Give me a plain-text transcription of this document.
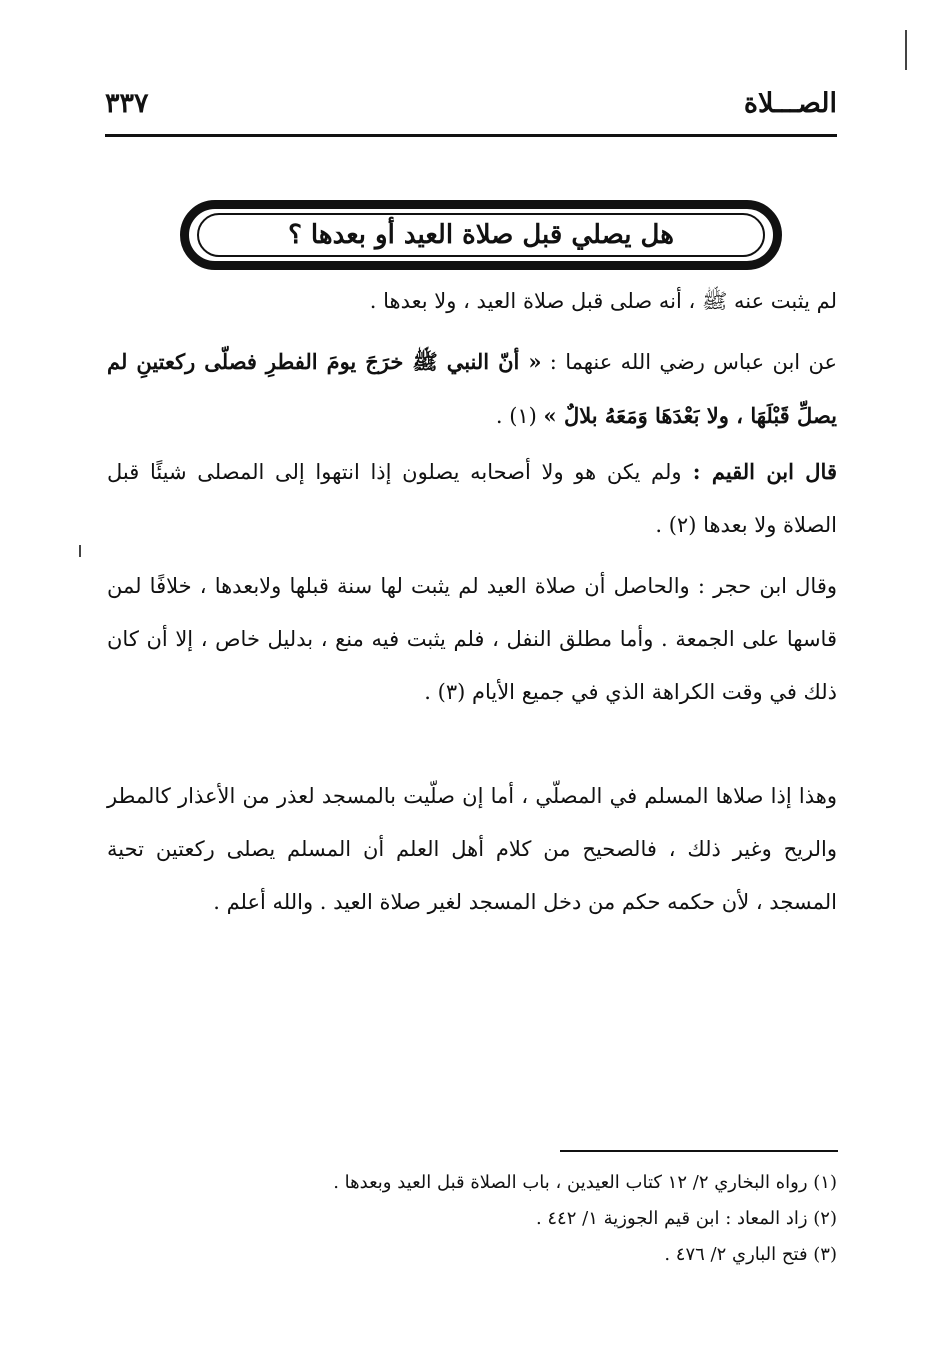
الصـــلاة
٣٣٧
هل يصلي قبل صلاة العيد أو بعدها ؟
لم يثبت عنه ﷺ ، أنه صلى قبل صلاة العيد ، ولا بعدها .
عن ابن عباس رضي الله عنهما : « أنّ النبي ﷺ خرَجَ يومَ الفطرِ فصلّى ركعتينِ لم يصلِّ قَبْلَهَا ، ولا بَعْدَهَا وَمَعَهُ بلالٌ » (١) .
قال ابن القيم : ولم يكن هو ولا أصحابه يصلون إذا انتهوا إلى المصلى شيئًا قبل الصلاة ولا بعدها (٢) .
وقال ابن حجر : والحاصل أن صلاة العيد لم يثبت لها سنة قبلها ولابعدها ، خلافًا لمن قاسها على الجمعة . وأما مطلق النفل ، فلم يثبت فيه منع ، بدليل خاص ، إلا أن كان ذلك في وقت الكراهة الذي في جميع الأيام (٣) .
وهذا إذا صلاها المسلم في المصلّي ، أما إن صلّيت بالمسجد لعذر من الأعذار كالمطر والريح وغير ذلك ، فالصحيح من كلام أهل العلم أن المسلم يصلى ركعتين تحية المسجد ، لأن حكمه حكم من دخل المسجد لغير صلاة العيد . والله أعلم .
(١) رواه البخاري ٢/ ١٢ كتاب العيدين ، باب الصلاة قبل العيد وبعدها .
(٢) زاد المعاد : ابن قيم الجوزية ١/ ٤٤٢ .
(٣) فتح الباري ٢/ ٤٧٦ .
